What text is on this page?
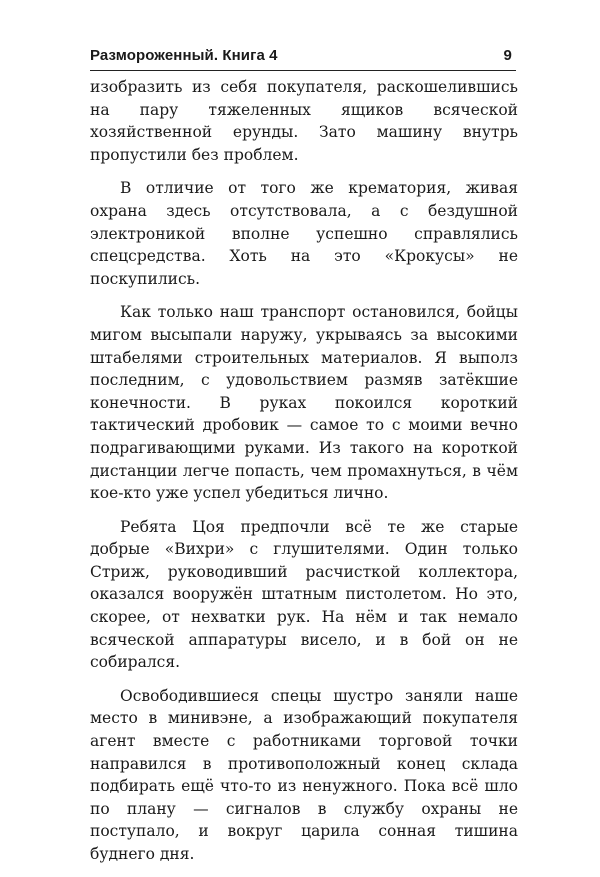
Размороженный. Книга 4	9

изобразить из себя покупателя, раскошелившись на пару тяжеленных ящиков всяческой хозяйственной ерунды. Зато машину внутрь пропустили без проблем.

В отличие от того же крематория, живая охрана здесь отсутствовала, а с бездушной электроникой вполне успешно справлялись спецсредства. Хоть на это «Крокусы» не поскупились.

Как только наш транспорт остановился, бойцы мигом высыпали наружу, укрываясь за высокими штабелями строительных материалов. Я выполз последним, с удовольствием размяв затёкшие конечности. В руках покоился короткий тактический дробовик — самое то с моими вечно подрагивающими руками. Из такого на короткой дистанции легче попасть, чем промахнуться, в чём кое-кто уже успел убедиться лично.

Ребята Цоя предпочли всё те же старые добрые «Вихри» с глушителями. Один только Стриж, руководивший расчисткой коллектора, оказался вооружён штатным пистолетом. Но это, скорее, от нехватки рук. На нём и так немало всяческой аппаратуры висело, и в бой он не собирался.

Освободившиеся спецы шустро заняли наше место в минивэне, а изображающий покупателя агент вместе с работниками торговой точки направился в противоположный конец склада подбирать ещё что-то из ненужного. Пока всё шло по плану — сигналов в службу охраны не поступало, и вокруг царила сонная тишина буднего дня.
